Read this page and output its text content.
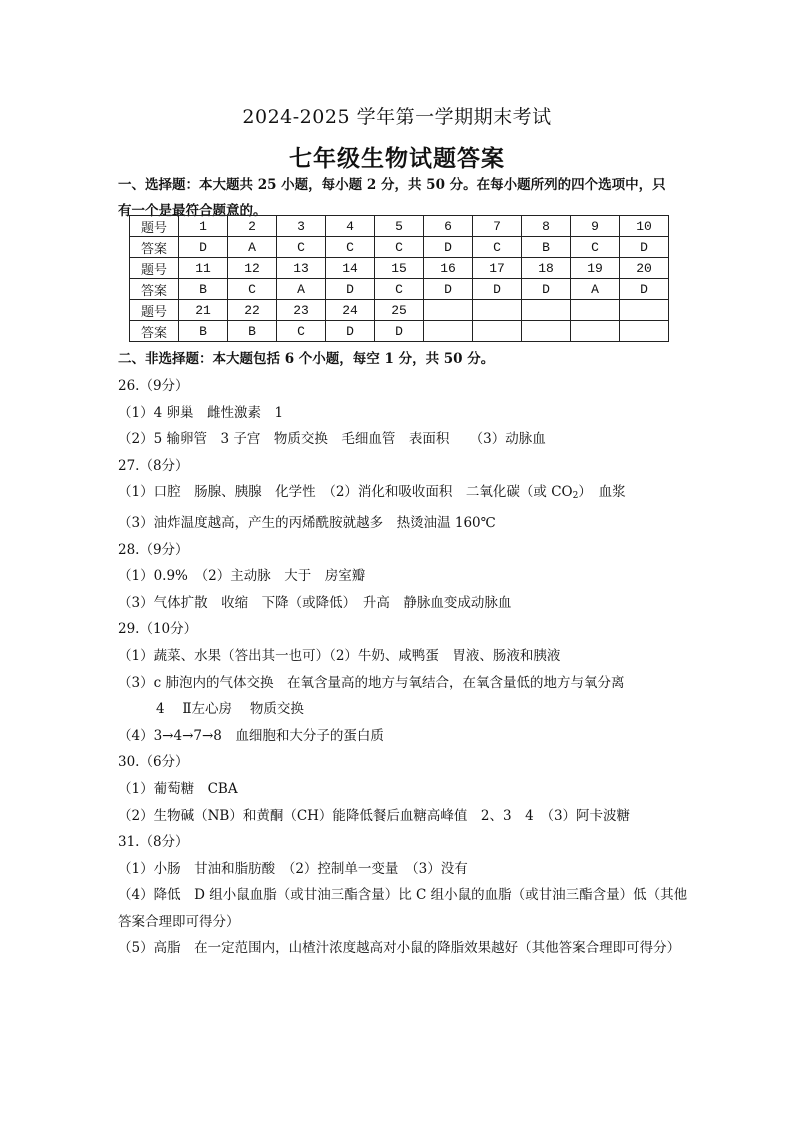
2024-2025 学年第一学期期末考试
七年级生物试题答案
一、选择题：本大题共 25 小题，每小题 2 分，共 50 分。在每小题所列的四个选项中，只有一个是最符合题意的。
题号	1	2	3	4	5	6	7	8	9	10
答案	D	A	C	C	C	D	C	B	C	D
题号	11	12	13	14	15	16	17	18	19	20
答案	B	C	A	D	C	D	D	D	A	D
题号	21	22	23	24	25					
答案	B	B	C	D	D					
二、非选择题：本大题包括 6 个小题，每空 1 分，共 50 分。
26.（9分）
（1）4 卵巢　雌性激素　1
（2）5 输卵管　3 子宫　物质交换　毛细血管　表面积　　（3）动脉血
27.（8分）
（1）口腔　肠腺、胰腺　化学性　（2）消化和吸收面积　二氧化碳（或 $CO_2$）　血浆
（3）油炸温度越高，产生的丙烯酰胺就越多　热烫油温 160℃
28.（9分）
（1）0.9%　（2）主动脉　大于　房室瓣
（3）气体扩散　收缩　下降（或降低）　升高　静脉血变成动脉血
29.（10分）
（1）蔬菜、水果（答出其一也可）（2）牛奶、咸鸭蛋　胃液、肠液和胰液
（3）c 肺泡内的气体交换　在氧含量高的地方与氧结合，在氧含量低的地方与氧分离
4　 Ⅱ左心房　 物质交换
（4）3→4→7→8　血细胞和大分子的蛋白质
30.（6分）
（1）葡萄糖　CBA
（2）生物碱（NB）和黄酮（CH）能降低餐后血糖高峰值　2、3　4　（3）阿卡波糖
31.（8分）
（1）小肠　甘油和脂肪酸　（2）控制单一变量　（3）没有
（4）降低　D 组小鼠血脂（或甘油三酯含量）比 C 组小鼠的血脂（或甘油三酯含量）低（其他答案合理即可得分）
（5）高脂　在一定范围内，山楂汁浓度越高对小鼠的降脂效果越好（其他答案合理即可得分）
